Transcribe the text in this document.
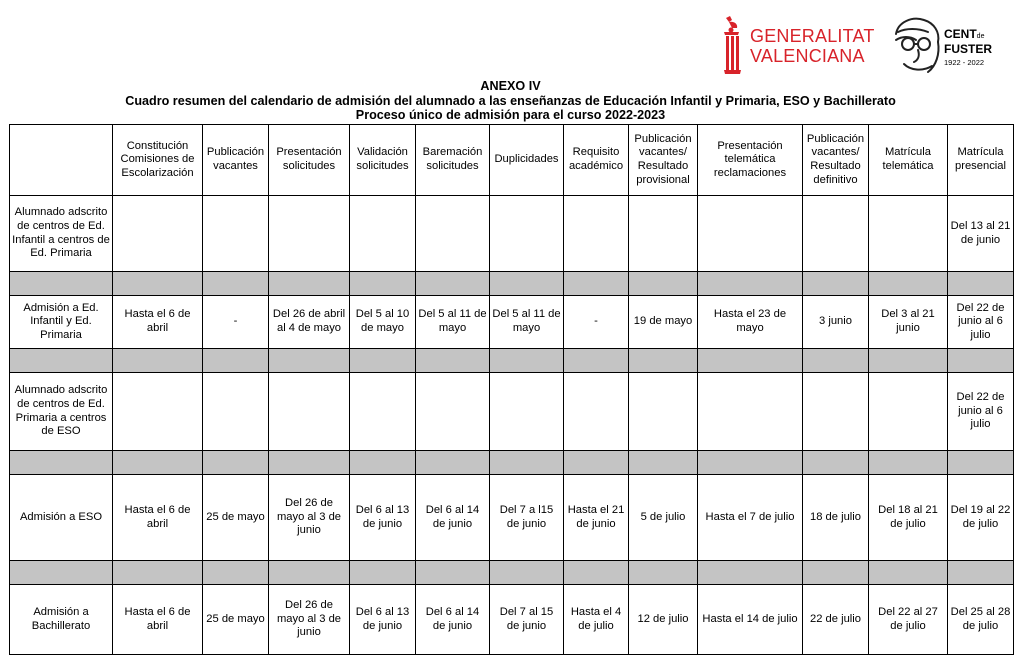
GENERALITAT
VALENCIANA
CENTde
FUSTER
1922 - 2022
ANEXO IV
Cuadro resumen del calendario de admisión del alumnado a las enseñanzas de Educación Infantil y Primaria, ESO y Bachillerato
Proceso único de admisión para el curso 2022-2023
	Constitución Comisiones de Escolarización	Publicación vacantes	Presentación solicitudes	Validación solicitudes	Baremación solicitudes	Duplicidades	Requisito académico	Publicación vacantes/ Resultado provisional	Presentación telemática reclamaciones	Publicación vacantes/ Resultado definitivo	Matrícula telemática	Matrícula presencial
Alumnado adscrito de centros de Ed. Infantil a centros de Ed. Primaria												Del 13 al 21 de junio

Admisión a Ed. Infantil y Ed. Primaria	Hasta el 6 de abril	-	Del 26 de abril al 4 de mayo	Del 5 al 10 de mayo	Del 5 al 11 de mayo	Del 5 al 11 de mayo	-	19 de mayo	Hasta el 23 de mayo	3 junio	Del 3 al 21 junio	Del 22 de junio al 6 julio

Alumnado adscrito de centros de Ed. Primaria a centros de ESO												Del 22 de junio al 6 julio

Admisión a ESO	Hasta el 6 de abril	25 de mayo	Del 26 de mayo al 3 de junio	Del 6 al 13 de junio	Del 6 al 14 de junio	Del 7 a l15 de junio	Hasta el 21 de junio	5 de julio	Hasta el 7 de julio	18 de julio	Del 18 al 21 de julio	Del 19 al 22 de julio

Admisión a Bachillerato	Hasta el 6 de abril	25 de mayo	Del 26 de mayo al 3 de junio	Del 6 al 13 de junio	Del 6 al 14 de junio	Del 7 al 15 de junio	Hasta el 4 de julio	12 de julio	Hasta el 14 de julio	22 de julio	Del 22 al 27 de julio	Del 25 al 28 de julio
